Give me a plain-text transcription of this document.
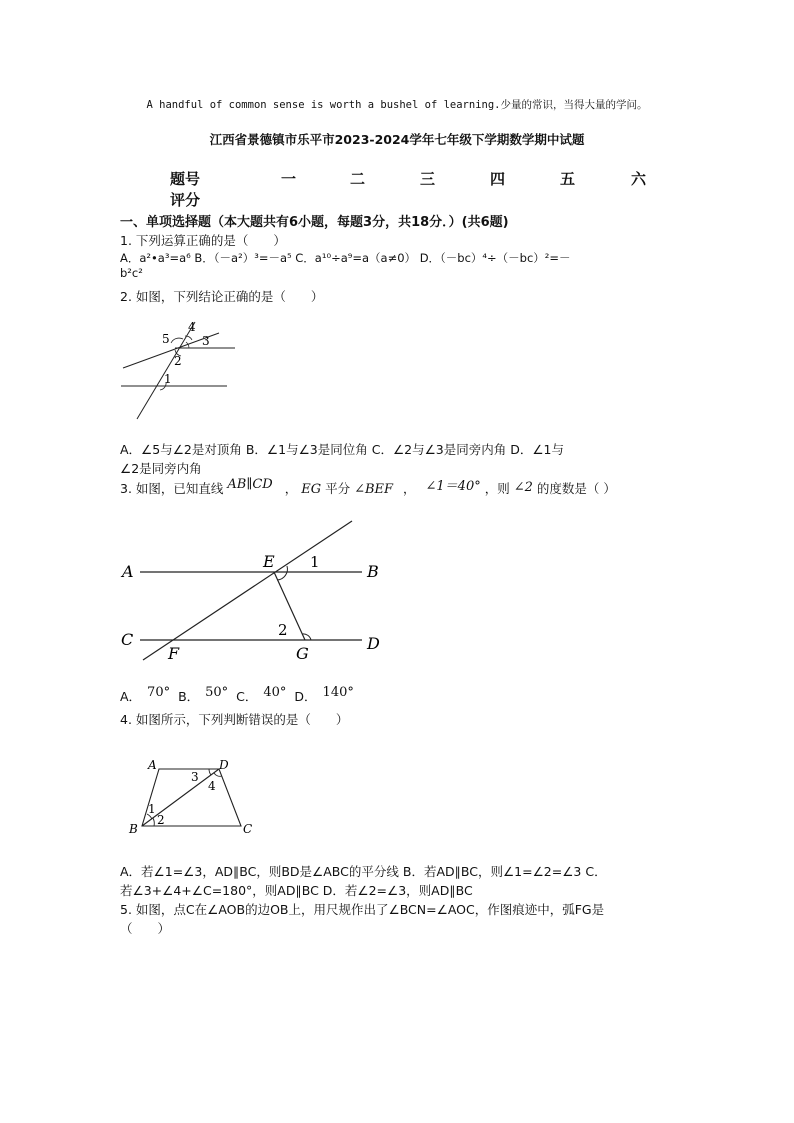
A handful of common sense is worth a bushel of learning.少量的常识，当得大量的学问。
江西省景德镇市乐平市2023-2024学年七年级下学期数学期中试题
题号	一	二	三	四	五	六
评分
一、单项选择题（本大题共有6小题，每题3分，共18分．）(共6题)
1. 下列运算正确的是（　　）
A．a²•a³=a⁶ B．（－a²）³=－a⁵ C．a¹⁰÷a⁹=a（a≠0） D．（－bc）⁴÷（－bc）²=－
b²c²
2. 如图，下列结论正确的是（　　）
5
4
3
2
1
A．∠5与∠2是对顶角 B．∠1与∠3是同位角 C．∠2与∠3是同旁内角 D．∠1与
∠2是同旁内角
3. 如图，已知直线 AB∥CD ， EG 平分 ∠BEF ， ∠1＝40° ，则 ∠2 的度数是（ ）
A
E 1	B
C	2
D
F	G
A． 70° B． 50° C． 40° D． 140°
4. 如图所示，下列判断错误的是（　　）
A	D
3
4
1
2
B	C
A．若∠1=∠3，AD∥BC，则BD是∠ABC的平分线 B．若AD∥BC，则∠1=∠2=∠3 C．
若∠3+∠4+∠C=180°，则AD∥BC D．若∠2=∠3，则AD∥BC
5. 如图，点C在∠AOB的边OB上，用尺规作出了∠BCN=∠AOC，作图痕迹中，弧FG是
（　　）
